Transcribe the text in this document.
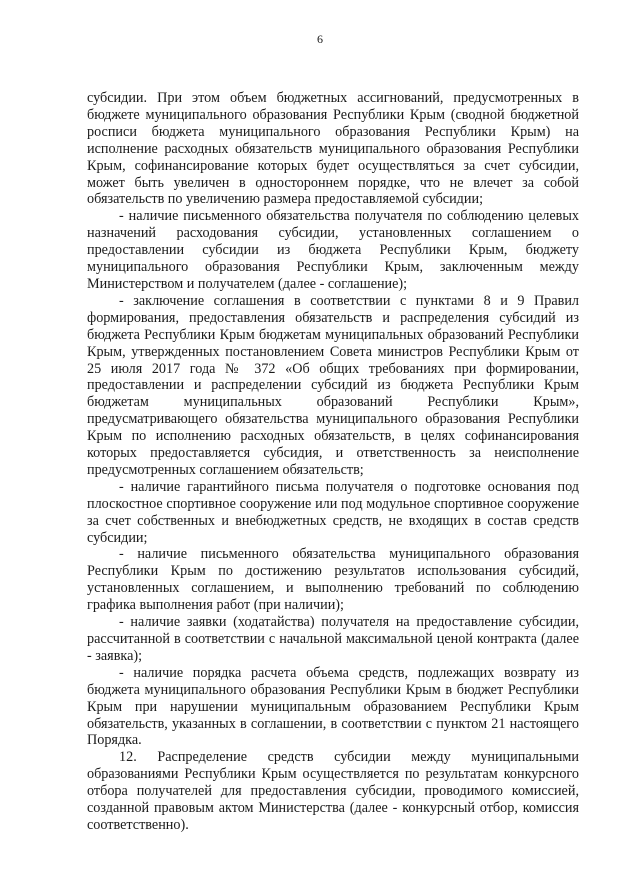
6

субсидии. При этом объем бюджетных ассигнований, предусмотренных в бюджете муниципального образования Республики Крым (сводной бюджетной росписи бюджета муниципального образования Республики Крым) на исполнение расходных обязательств муниципального образования Республики Крым, софинансирование которых будет осуществляться за счет субсидии, может быть увеличен в одностороннем порядке, что не влечет за собой обязательств по увеличению размера предоставляемой субсидии;

- наличие письменного обязательства получателя по соблюдению целевых назначений расходования субсидии, установленных соглашением о предоставлении субсидии из бюджета Республики Крым, бюджету муниципального образования Республики Крым, заключенным между Министерством и получателем (далее - соглашение);

- заключение соглашения в соответствии с пунктами 8 и 9 Правил формирования, предоставления обязательств и распределения субсидий из бюджета Республики Крым бюджетам муниципальных образований Республики Крым, утвержденных постановлением Совета министров Республики Крым от 25 июля 2017 года № 372 «Об общих требованиях при формировании, предоставлении и распределении субсидий из бюджета Республики Крым бюджетам муниципальных образований Республики Крым», предусматривающего обязательства муниципального образования Республики Крым по исполнению расходных обязательств, в целях софинансирования которых предоставляется субсидия, и ответственность за неисполнение предусмотренных соглашением обязательств;

- наличие гарантийного письма получателя о подготовке основания под плоскостное спортивное сооружение или под модульное спортивное сооружение за счет собственных и внебюджетных средств, не входящих в состав средств субсидии;

- наличие письменного обязательства муниципального образования Республики Крым по достижению результатов использования субсидий, установленных соглашением, и выполнению требований по соблюдению графика выполнения работ (при наличии);

- наличие заявки (ходатайства) получателя на предоставление субсидии, рассчитанной в соответствии с начальной максимальной ценой контракта (далее - заявка);

- наличие порядка расчета объема средств, подлежащих возврату из бюджета муниципального образования Республики Крым в бюджет Республики Крым при нарушении муниципальным образованием Республики Крым обязательств, указанных в соглашении, в соответствии с пунктом 21 настоящего Порядка.

12. Распределение средств субсидии между муниципальными образованиями Республики Крым осуществляется по результатам конкурсного отбора получателей для предоставления субсидии, проводимого комиссией, созданной правовым актом Министерства (далее - конкурсный отбор, комиссия соответственно).
